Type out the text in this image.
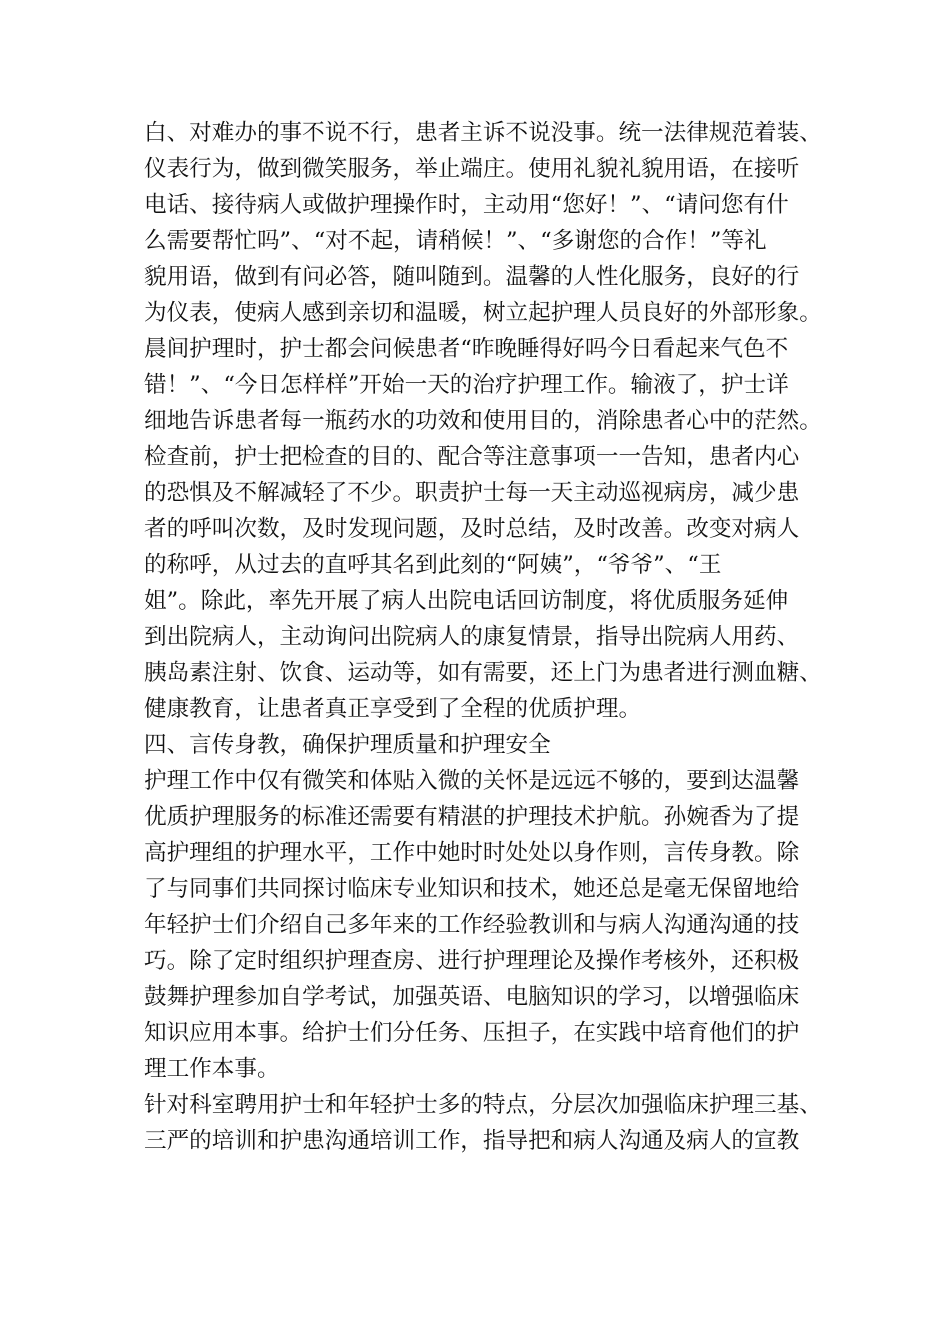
白、对难办的事不说不行，患者主诉不说没事。统一法律规范着装、
仪表行为，做到微笑服务，举止端庄。使用礼貌礼貌用语，在接听
电话、接待病人或做护理操作时，主动用“您好！”、“请问您有什
么需要帮忙吗”、“对不起，请稍候！”、“多谢您的合作！”等礼
貌用语，做到有问必答，随叫随到。温馨的人性化服务，良好的行
为仪表，使病人感到亲切和温暖，树立起护理人员良好的外部形象。
晨间护理时，护士都会问候患者“昨晚睡得好吗今日看起来气色不
错！”、“今日怎样样”开始一天的治疗护理工作。输液了，护士详
细地告诉患者每一瓶药水的功效和使用目的，消除患者心中的茫然。
检查前，护士把检查的目的、配合等注意事项一一告知，患者内心
的恐惧及不解减轻了不少。职责护士每一天主动巡视病房，减少患
者的呼叫次数，及时发现问题，及时总结，及时改善。改变对病人
的称呼，从过去的直呼其名到此刻的“阿姨”，“爷爷”、“王
姐”。除此，率先开展了病人出院电话回访制度，将优质服务延伸
到出院病人，主动询问出院病人的康复情景，指导出院病人用药、
胰岛素注射、饮食、运动等，如有需要，还上门为患者进行测血糖、
健康教育，让患者真正享受到了全程的优质护理。
四、言传身教，确保护理质量和护理安全
护理工作中仅有微笑和体贴入微的关怀是远远不够的，要到达温馨
优质护理服务的标准还需要有精湛的护理技术护航。孙婉香为了提
高护理组的护理水平，工作中她时时处处以身作则，言传身教。除
了与同事们共同探讨临床专业知识和技术，她还总是毫无保留地给
年轻护士们介绍自己多年来的工作经验教训和与病人沟通沟通的技
巧。除了定时组织护理查房、进行护理理论及操作考核外，还积极
鼓舞护理参加自学考试，加强英语、电脑知识的学习，以增强临床
知识应用本事。给护士们分任务、压担子，在实践中培育他们的护
理工作本事。
针对科室聘用护士和年轻护士多的特点，分层次加强临床护理三基、
三严的培训和护患沟通培训工作，指导把和病人沟通及病人的宣教
